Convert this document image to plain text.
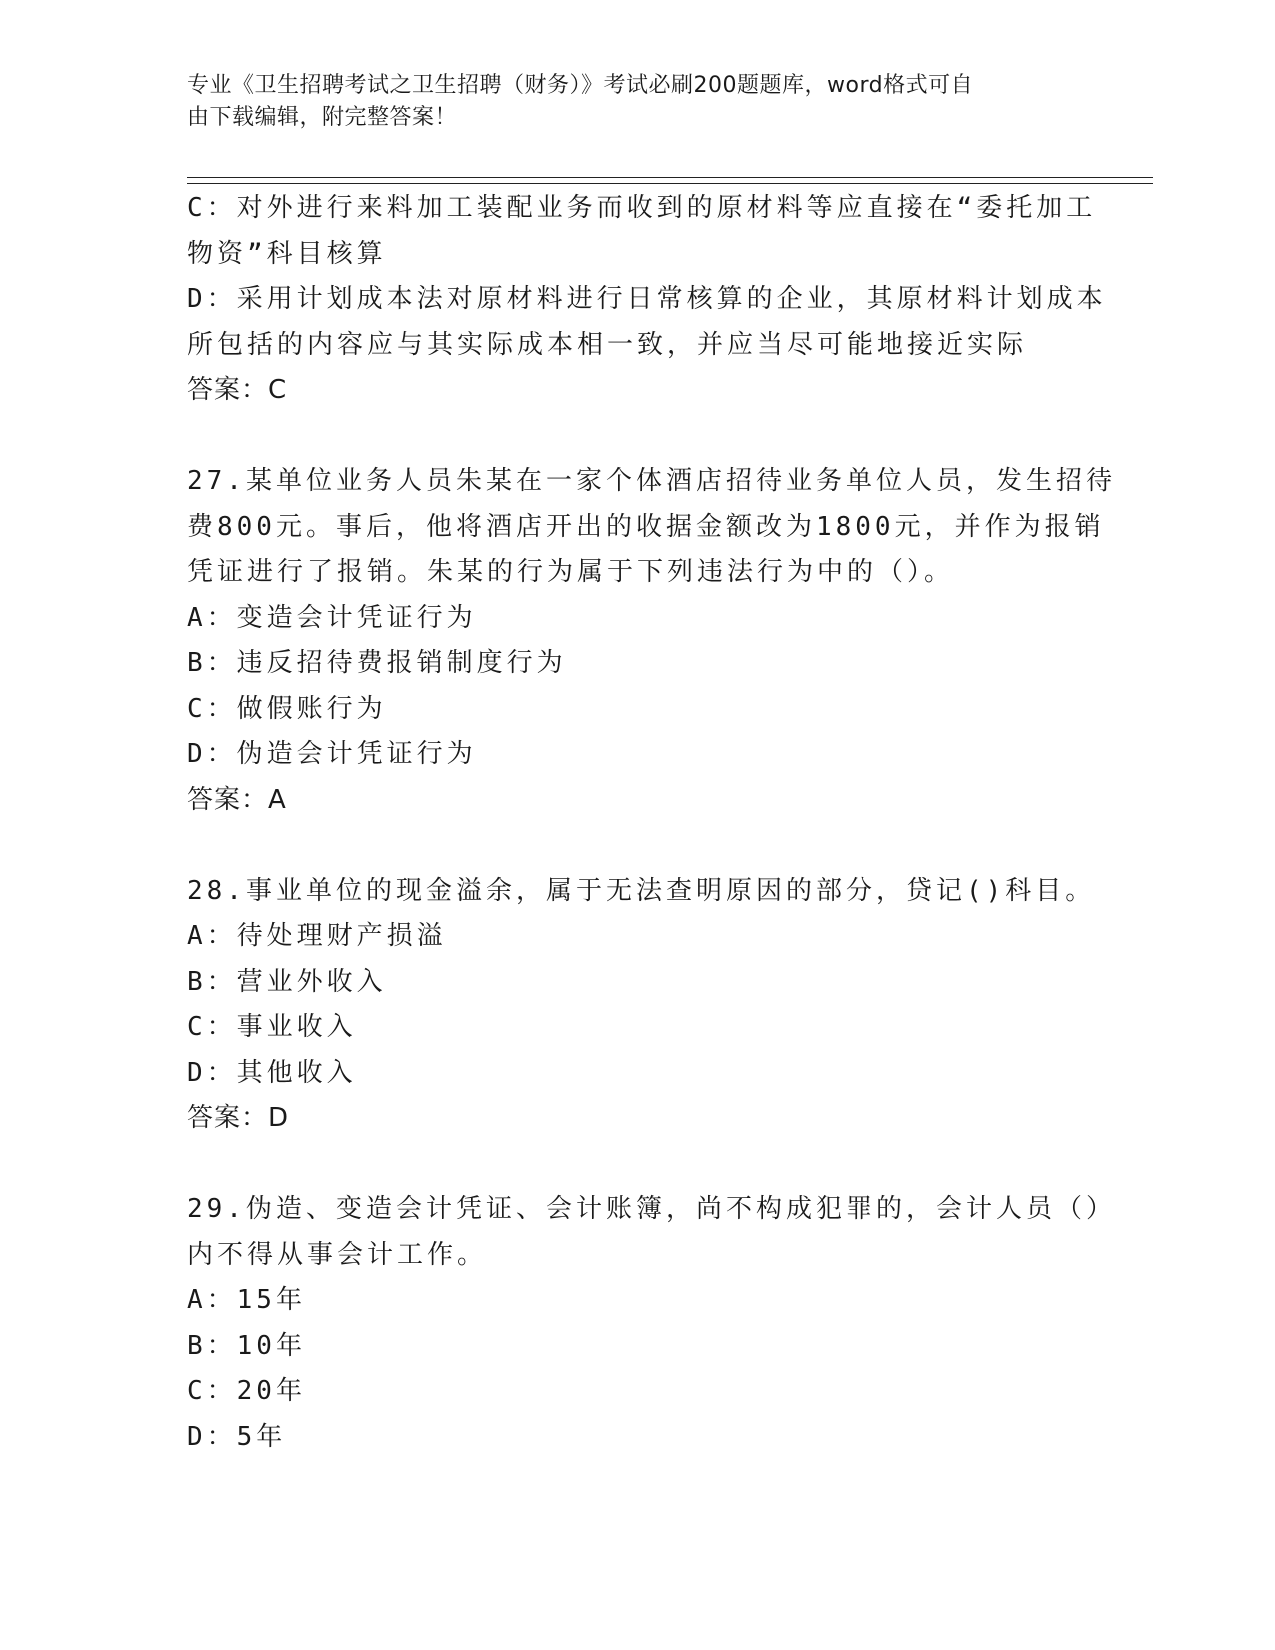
专业《卫生招聘考试之卫生招聘（财务）》考试必刷200题题库，word格式可自
由下载编辑，附完整答案！
C：对外进行来料加工装配业务而收到的原材料等应直接在“委托加工
物资”科目核算
D：采用计划成本法对原材料进行日常核算的企业，其原材料计划成本
所包括的内容应与其实际成本相一致，并应当尽可能地接近实际
答案：C
27.某单位业务人员朱某在一家个体酒店招待业务单位人员，发生招待
费800元。事后，他将酒店开出的收据金额改为1800元，并作为报销
凭证进行了报销。朱某的行为属于下列违法行为中的（）。
A：变造会计凭证行为
B：违反招待费报销制度行为
C：做假账行为
D：伪造会计凭证行为
答案：A
28.事业单位的现金溢余，属于无法查明原因的部分，贷记()科目。
A：待处理财产损溢
B：营业外收入
C：事业收入
D：其他收入
答案：D
29.伪造、变造会计凭证、会计账簿，尚不构成犯罪的，会计人员（）
内不得从事会计工作。
A：15年
B：10年
C：20年
D：5年
